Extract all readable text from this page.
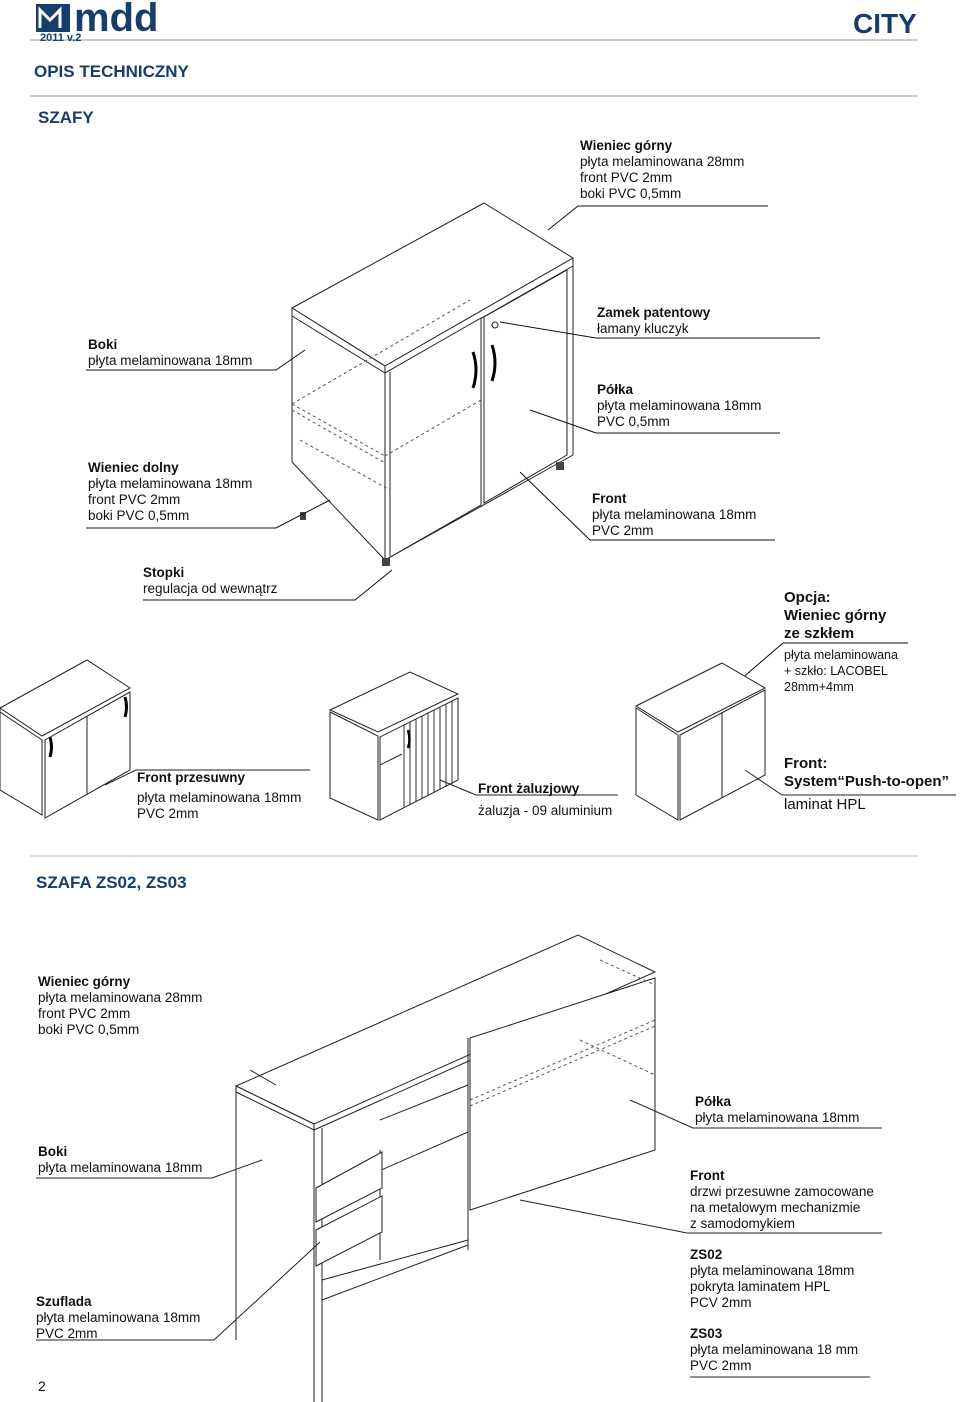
mdd
2011 v.2	CITY
OPIS TECHNICZNY
SZAFY
Wieniec górny
płyta melaminowana 28mm
front PVC 2mm
boki PVC 0,5mm
Boki
płyta melaminowana 18mm
Zamek patentowy
łamany kluczyk
Półka
płyta melaminowana 18mm
PVC 0,5mm
Wieniec dolny
płyta melaminowana 18mm
front PVC 2mm
boki PVC 0,5mm
Front
płyta melaminowana 18mm
PVC 2mm
Stopki
regulacja od wewnątrz
Opcja:
Wieniec górny
ze szkłem
płyta melaminowana
+ szkło: LACOBEL
28mm+4mm
Front przesuwny
płyta melaminowana 18mm
PVC 2mm
Front żaluzjowy
żaluzja - 09 aluminium
Front:
System“Push-to-open”
laminat HPL
SZAFA ZS02, ZS03
Wieniec górny
płyta melaminowana 28mm
front PVC 2mm
boki PVC 0,5mm
Półka
płyta melaminowana 18mm
Boki
płyta melaminowana 18mm
Front
drzwi przesuwne zamocowane
na metalowym mechanizmie
z samodomykiem
ZS02
płyta melaminowana 18mm
pokryta laminatem HPL
PCV 2mm
Szuflada
płyta melaminowana 18mm
PVC 2mm	ZS03
płyta melaminowana 18 mm
PVC 2mm
2
